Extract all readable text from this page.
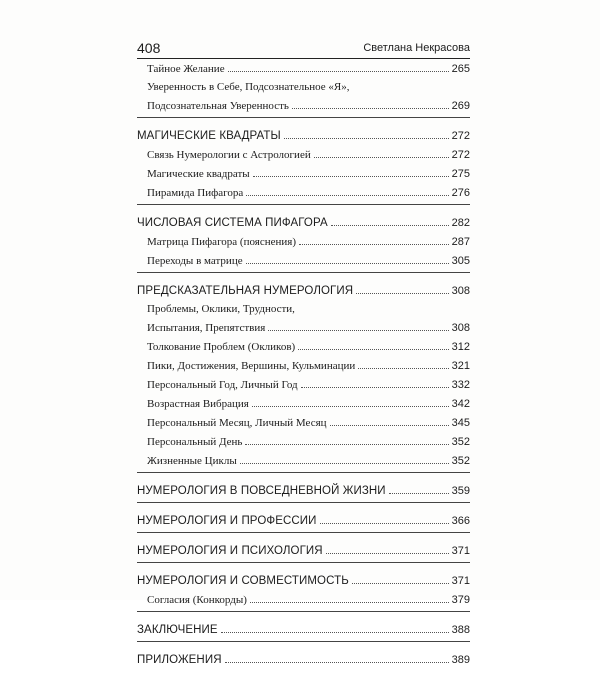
408	Светлана Некрасова
Тайное Желание	265
Уверенность в Себе, Подсознательное «Я»,
Подсознательная Уверенность	269
МАГИЧЕСКИЕ КВАДРАТЫ	272
Связь Нумерологии с Астрологией	272
Магические квадраты	275
Пирамида Пифагора	276
ЧИСЛОВАЯ СИСТЕМА ПИФАГОРА	282
Матрица Пифагора (пояснения)	287
Переходы в матрице	305
ПРЕДСКАЗАТЕЛЬНАЯ НУМЕРОЛОГИЯ	308
Проблемы, Оклики, Трудности,
Испытания, Препятствия	308
Толкование Проблем (Окликов)	312
Пики, Достижения, Вершины, Кульминации	321
Персональный Год, Личный Год	332
Возрастная Вибрация	342
Персональный Месяц, Личный Месяц	345
Персональный День	352
Жизненные Циклы	352
НУМЕРОЛОГИЯ В ПОВСЕДНЕВНОЙ ЖИЗНИ	359
НУМЕРОЛОГИЯ И ПРОФЕССИИ	366
НУМЕРОЛОГИЯ И ПСИХОЛОГИЯ	371
НУМЕРОЛОГИЯ И СОВМЕСТИМОСТЬ	371
Согласия (Конкорды)	379
ЗАКЛЮЧЕНИЕ	388
ПРИЛОЖЕНИЯ	389
